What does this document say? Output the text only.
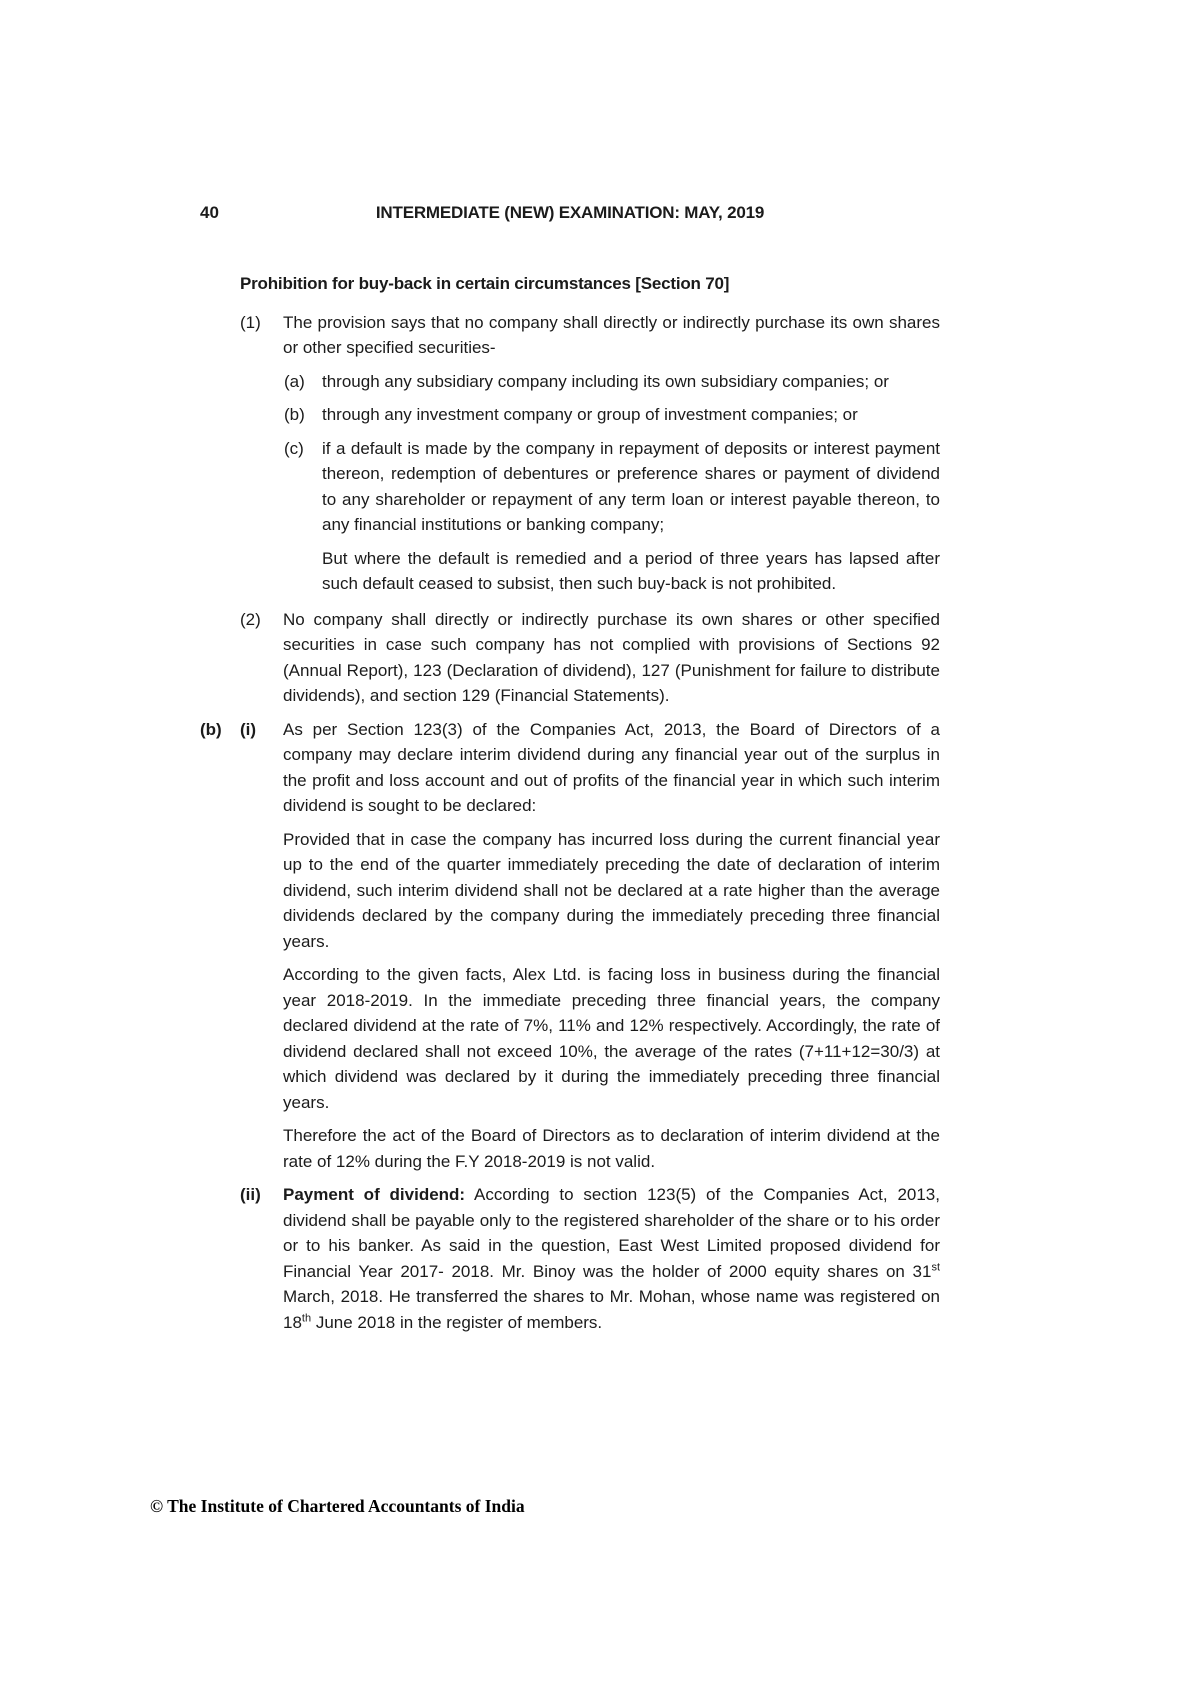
40	INTERMEDIATE (NEW) EXAMINATION: MAY, 2019
Prohibition for buy-back in certain circumstances [Section 70]
(1)	The provision says that no company shall directly or indirectly purchase its own shares or other specified securities-
(a)	through any subsidiary company including its own subsidiary companies; or
(b)	through any investment company or group of investment companies; or
(c)	if a default is made by the company in repayment of deposits or interest payment thereon, redemption of debentures or preference shares or payment of dividend to any shareholder or repayment of any term loan or interest payable thereon, to any financial institutions or banking company;
But where the default is remedied and a period of three years has lapsed after such default ceased to subsist, then such buy-back is not prohibited.
(2)	No company shall directly or indirectly purchase its own shares or other specified securities in case such company has not complied with provisions of Sections 92 (Annual Report), 123 (Declaration of dividend), 127 (Punishment for failure to distribute dividends), and section 129 (Financial Statements).
(b)	(i)	As per Section 123(3) of the Companies Act, 2013, the Board of Directors of a company may declare interim dividend during any financial year out of the surplus in the profit and loss account and out of profits of the financial year in which such interim dividend is sought to be declared:
Provided that in case the company has incurred loss during the current financial year up to the end of the quarter immediately preceding the date of declaration of interim dividend, such interim dividend shall not be declared at a rate higher than the average dividends declared by the company during the immediately preceding three financial years.
According to the given facts, Alex Ltd. is facing loss in business during the financial year 2018-2019. In the immediate preceding three financial years, the company declared dividend at the rate of 7%, 11% and 12% respectively. Accordingly, the rate of dividend declared shall not exceed 10%, the average of the rates (7+11+12=30/3) at which dividend was declared by it during the immediately preceding three financial years.
Therefore the act of the Board of Directors as to declaration of interim dividend at the rate of 12% during the F.Y 2018-2019 is not valid.
(ii)	Payment of dividend: According to section 123(5) of the Companies Act, 2013, dividend shall be payable only to the registered shareholder of the share or to his order or to his banker. As said in the question, East West Limited proposed dividend for Financial Year 2017- 2018. Mr. Binoy was the holder of 2000 equity shares on 31st March, 2018. He transferred the shares to Mr. Mohan, whose name was registered on 18th June 2018 in the register of members.
© The Institute of Chartered Accountants of India
